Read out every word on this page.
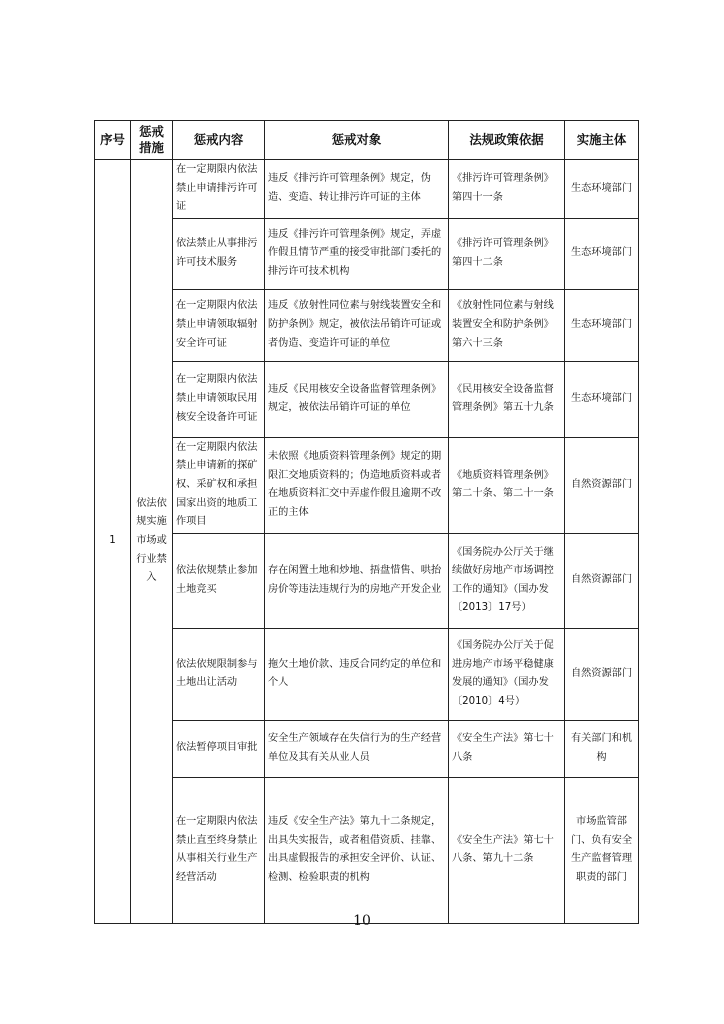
序号	惩戒措施	惩戒内容	惩戒对象	法规政策依据	实施主体
1	依法依规实施市场或行业禁入	在一定期限内依法禁止申请排污许可证	违反《排污许可管理条例》规定，伪造、变造、转让排污许可证的主体	《排污许可管理条例》第四十一条	生态环境部门
		依法禁止从事排污许可技术服务	违反《排污许可管理条例》规定，弄虚作假且情节严重的接受审批部门委托的排污许可技术机构	《排污许可管理条例》第四十二条	生态环境部门
		在一定期限内依法禁止申请领取辐射安全许可证	违反《放射性同位素与射线装置安全和防护条例》规定，被依法吊销许可证或者伪造、变造许可证的单位	《放射性同位素与射线装置安全和防护条例》第六十三条	生态环境部门
		在一定期限内依法禁止申请领取民用核安全设备许可证	违反《民用核安全设备监督管理条例》规定，被依法吊销许可证的单位	《民用核安全设备监督管理条例》第五十九条	生态环境部门
		在一定期限内依法禁止申请新的探矿权、采矿权和承担国家出资的地质工作项目	未依照《地质资料管理条例》规定的期限汇交地质资料的；伪造地质资料或者在地质资料汇交中弄虚作假且逾期不改正的主体	《地质资料管理条例》第二十条、第二十一条	自然资源部门
		依法依规禁止参加土地竞买	存在闲置土地和炒地、捂盘惜售、哄抬房价等违法违规行为的房地产开发企业	《国务院办公厅关于继续做好房地产市场调控工作的通知》（国办发〔2013〕17号）	自然资源部门
		依法依规限制参与土地出让活动	拖欠土地价款、违反合同约定的单位和个人	《国务院办公厅关于促进房地产市场平稳健康发展的通知》（国办发〔2010〕4号）	自然资源部门
		依法暂停项目审批	安全生产领域存在失信行为的生产经营单位及其有关从业人员	《安全生产法》第七十八条	有关部门和机构
		在一定期限内依法禁止直至终身禁止从事相关行业生产经营活动	违反《安全生产法》第九十二条规定，出具失实报告，或者租借资质、挂靠、出具虚假报告的承担安全评价、认证、检测、检验职责的机构	《安全生产法》第七十八条、第九十二条	市场监管部门、负有安全生产监督管理职责的部门
10
